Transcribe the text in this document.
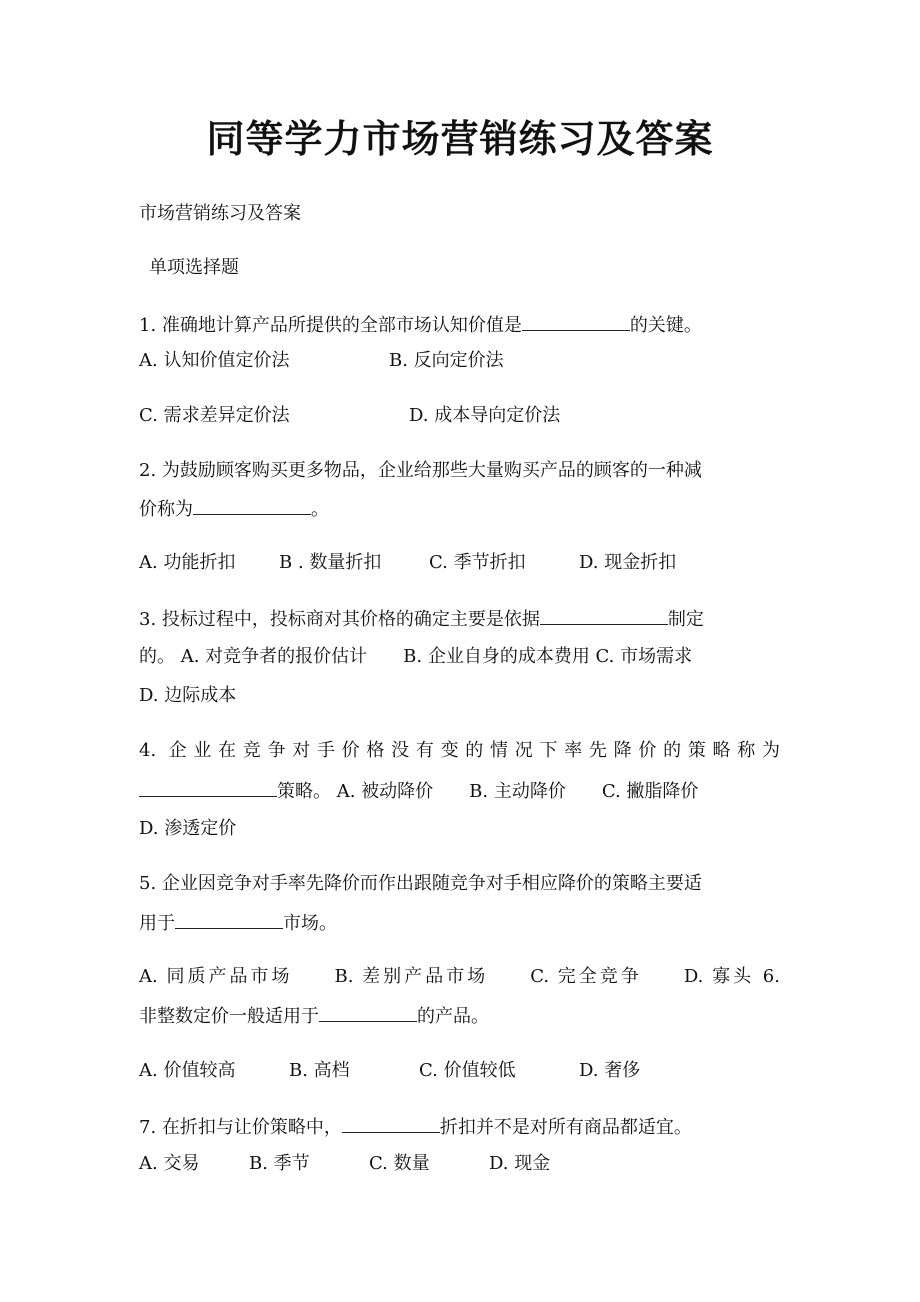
同等学力市场营销练习及答案
市场营销练习及答案
单项选择题
1. 准确地计算产品所提供的全部市场认知价值是	的关键。
A. 认知价值定价法	B. 反向定价法
C. 需求差异定价法	D. 成本导向定价法
2. 为鼓励顾客购买更多物品，企业给那些大量购买产品的顾客的一种减
价称为	。
A. 功能折扣 B . 数量折扣	C. 季节折扣	D. 现金折扣
3. 投标过程中，投标商对其价格的确定主要是依据	制定
的。 A. 对竞争者的报价估计　　B. 企业自身的成本费用 C. 市场需求
D. 边际成本
4. 企业在竞争对手价格没有变的情况下率先降价的策略称为
策略。 A. 被动降价　　B. 主动降价　　C. 撇脂降价
D. 渗透定价
5. 企业因竞争对手率先降价而作出跟随竞争对手相应降价的策略主要适
用于	市场。
A. 同质产品市场　　B. 差别产品市场　　C. 完全竞争　　D. 寡头 6.
非整数定价一般适用于	的产品。
A. 价值较高	B. 高档	C. 价值较低	D. 奢侈
7. 在折扣与让价策略中，	折扣并不是对所有商品都适宜。
A. 交易	B. 季节	C. 数量	D. 现金
